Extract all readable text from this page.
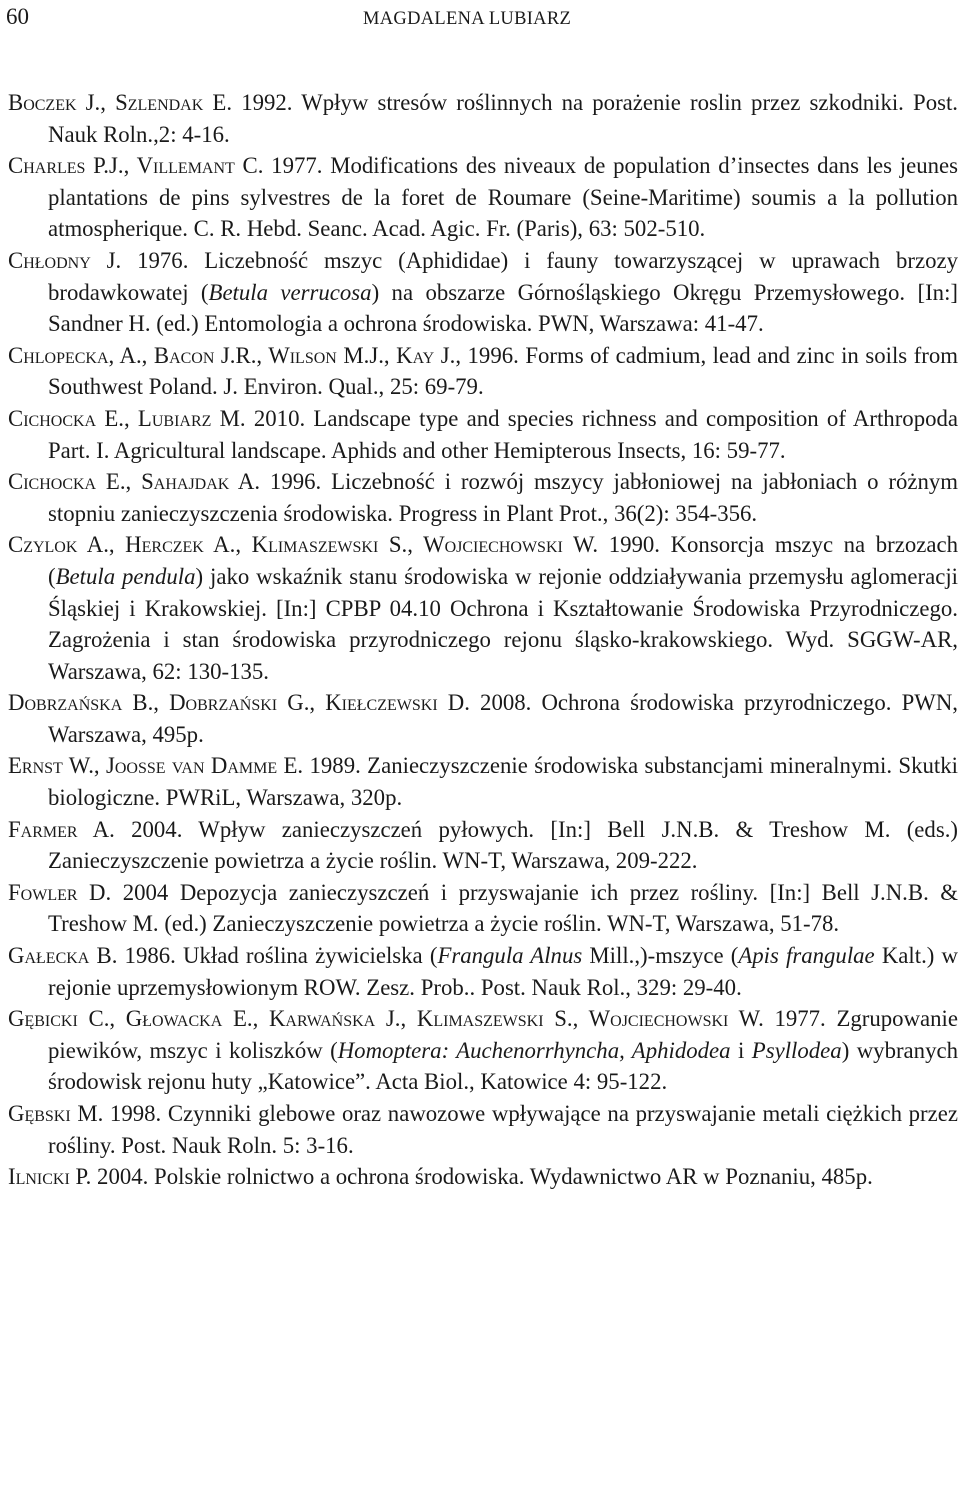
60	MAGDALENA LUBIARZ

Boczek J., Szlendak E. 1992. Wpływ stresów roślinnych na porażenie roslin przez szkodniki. Post. Nauk Roln.,2: 4-16.

Charles P.J., Villemant C. 1977. Modifications des niveaux de population d’insectes dans les jeunes plantations de pins sylvestres de la foret de Roumare (Seine-Maritime) soumis a la pollution atmospherique. C. R. Hebd. Seanc. Acad. Agic. Fr. (Paris), 63: 502-510.

Chłodny J. 1976. Liczebność mszyc (Aphididae) i fauny towarzyszącej w uprawach brzozy brodawkowatej (Betula verrucosa) na obszarze Górnośląskiego Okręgu Przemysłowego. [In:] Sandner H. (ed.) Entomologia a ochrona środowiska. PWN, Warszawa: 41-47.

Chlopecka, A., Bacon J.R., Wilson M.J., Kay J., 1996. Forms of cadmium, lead and zinc in soils from Southwest Poland. J. Environ. Qual., 25: 69-79.

Cichocka E., Lubiarz M. 2010. Landscape type and species richness and composition of Arthropoda Part. I. Agricultural landscape. Aphids and other Hemipterous Insects, 16: 59-77.

Cichocka E., Sahajdak A. 1996. Liczebność i rozwój mszycy jabłoniowej na jabłoniach o różnym stopniu zanieczyszczenia środowiska. Progress in Plant Prot., 36(2): 354-356.

Czylok A., Herczek A., Klimaszewski S., Wojciechowski W. 1990. Konsorcja mszyc na brzozach (Betula pendula) jako wskaźnik stanu środowiska w rejonie oddziaływania przemysłu aglomeracji Śląskiej i Krakowskiej. [In:] CPBP 04.10 Ochrona i Kształtowanie Środowiska Przyrodniczego. Zagrożenia i stan środowiska przyrodniczego rejonu śląsko-krakowskiego. Wyd. SGGW-AR, Warszawa, 62: 130-135.

Dobrzańska B., Dobrzański G., Kiełczewski D. 2008. Ochrona środowiska przyrodniczego. PWN, Warszawa, 495p.

Ernst W., Joosse van Damme E. 1989. Zanieczyszczenie środowiska substancjami mineralnymi. Skutki biologiczne. PWRiL, Warszawa, 320p.

Farmer A. 2004. Wpływ zanieczyszczeń pyłowych. [In:] Bell J.N.B. & Treshow M. (eds.) Zanieczyszczenie powietrza a życie roślin. WN-T, Warszawa, 209-222.

Fowler D. 2004 Depozycja zanieczyszczeń i przyswajanie ich przez rośliny. [In:] Bell J.N.B. & Treshow M. (ed.) Zanieczyszczenie powietrza a życie roślin. WN-T, Warszawa, 51-78.

Gałecka B. 1986. Układ roślina żywicielska (Frangula Alnus Mill.,)-mszyce (Apis frangulae Kalt.) w rejonie uprzemysłowionym ROW. Zesz. Prob.. Post. Nauk Rol., 329: 29-40.

Gębicki C., Głowacka E., Karwańska J., Klimaszewski S., Wojciechowski W. 1977. Zgrupowanie piewików, mszyc i koliszków (Homoptera: Auchenorrhyncha, Aphidodea i Psyllodea) wybranych środowisk rejonu huty „Katowice”. Acta Biol., Katowice 4: 95-122.

Gębski M. 1998. Czynniki glebowe oraz nawozowe wpływające na przyswajanie metali ciężkich przez rośliny. Post. Nauk Roln. 5: 3-16.

Ilnicki P. 2004. Polskie rolnictwo a ochrona środowiska. Wydawnictwo AR w Poznaniu, 485p.
